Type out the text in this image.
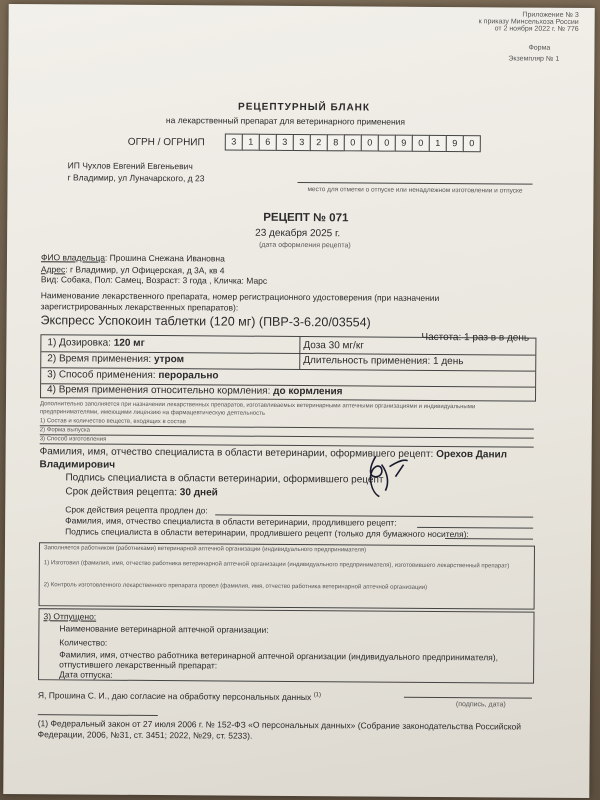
Приложение № 3
к приказу Минсельхоза России
от 2 ноября 2022 г. № 776
Форма
Экземпляр № 1
РЕЦЕПТУРНЫЙ БЛАНК
на лекарственный препарат для ветеринарного применения
ОГРН / ОГРНИП	3	1	6	3	3	2	8	0	0	0	9	0	1	9	0
ИП Чухлов Евгений Евгеньевич
г Владимир, ул Луначарского, д 23
место для отметки о отпуске или ненадлежном изготовлении и отпуске
РЕЦЕПТ № 071
23 декабря 2025 г.
(дата оформления рецепта)
ФИО владельца: Прошина Снежана Ивановна
Адрес: г Владимир, ул Офицерская, д 3А, кв 4
Вид: Собака, Пол: Самец, Возраст: 3 года , Кличка: Марс
Наименование лекарственного препарата, номер регистрационного удостоверения (при назначении зарегистрированных лекарственных препаратов):
Экспресс Успокоин таблетки (120 мг) (ПВР-3-6.20/03554)
1) Дозировка: 120 мг	Доза 30 мг/кг
Частота: 1 раз в в день
2) Время применения: утром	Длительность применения: 1 день
3) Способ применения: перорально
4) Время применения относительно кормления: до кормления
Дополнительно заполняется при назначении лекарственных препаратов, изготавливаемых ветеринарными аптечными организациями и индивидуальными предпринимателями, имеющими лицензию на фармацевтическую деятельность
1) Состав и количество веществ, входящих в состав
2) Форма выпуска
3) Способ изготовления
Фамилия, имя, отчество специалиста в области ветеринарии, оформившего рецепт: Орехов Данил Владимирович
Подпись специалиста в области ветеринарии, оформившего рецепт
Срок действия рецепта: 30 дней
Срок действия рецепта продлен до:
Фамилия, имя, отчество специалиста в области ветеринарии, продлившего рецепт:
Подпись специалиста в области ветеринарии, продлившего рецепт (только для бумажного носителя):
Заполняется работником (работниками) ветеринарной аптечной организации (индивидуального предпринимателя)
1) Изготовил (фамилия, имя, отчество работника ветеринарной аптечной организации (индивидуального предпринимателя), изготовившего лекарственный препарат)
2) Контроль изготовленного лекарственного препарата провел (фамилия, имя, отчество работника ветеринарной аптечной организации)
3) Отпущено:
Наименование ветеринарной аптечной организации:
Количество:
Фамилия, имя, отчество работника ветеринарной аптечной организации (индивидуального предпринимателя), отпустившего лекарственный препарат:
Дата отпуска:
Я, Прошина С. И., даю согласие на обработку персональных данных $^{(1)}$
(подпись, дата)
(1) Федеральный закон от 27 июля 2006 г. № 152-ФЗ «О персональных данных» (Собрание законодательства Российской Федерации, 2006, №31, ст. 3451; 2022, №29, ст. 5233).
